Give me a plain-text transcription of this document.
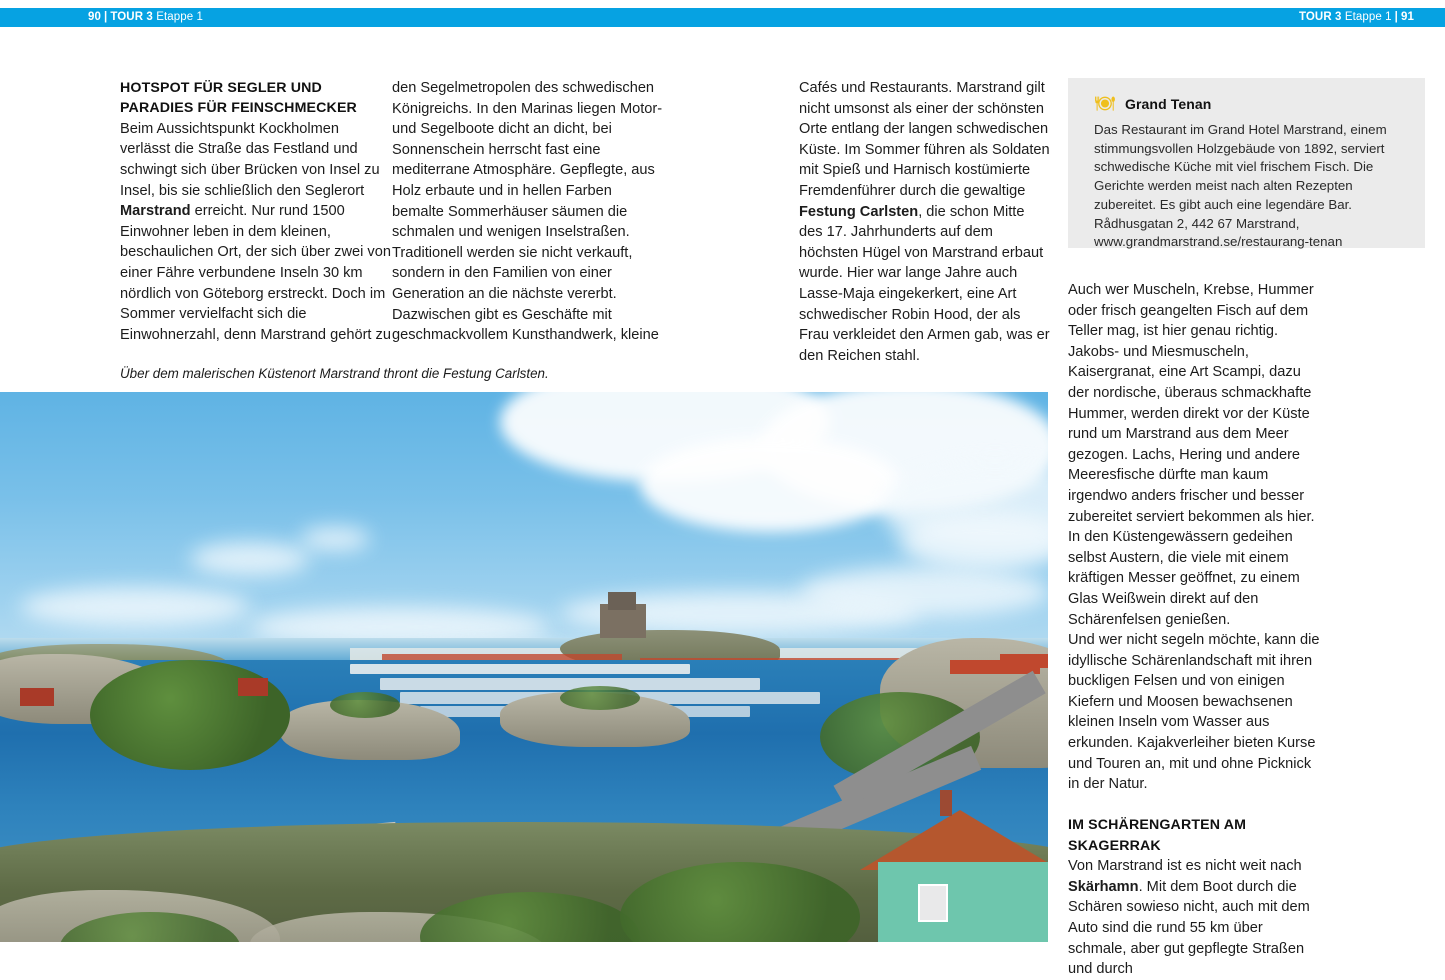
90 | TOUR 3 Etappe 1	TOUR 3 Etappe 1 | 91

HOTSPOT FÜR SEGLER UND PARADIES FÜR FEINSCHMECKER

Beim Aussichtspunkt Kockholmen verlässt die Straße das Festland und schwingt sich über Brücken von Insel zu Insel, bis sie schließlich den Seglerort Marstrand erreicht. Nur rund 1500 Einwohner leben in dem kleinen, beschaulichen Ort, der sich über zwei von einer Fähre verbundene Inseln 30 km nördlich von Göteborg erstreckt. Doch im Sommer vervielfacht sich die Einwohnerzahl, denn Marstrand gehört zu

den Segelmetropolen des schwedischen Königreichs. In den Marinas liegen Motor- und Segelboote dicht an dicht, bei Sonnenschein herrscht fast eine mediterrane Atmosphäre. Gepflegte, aus Holz erbaute und in hellen Farben bemalte Sommerhäuser säumen die schmalen und wenigen Inselstraßen. Traditionell werden sie nicht verkauft, sondern in den Familien von einer Generation an die nächste vererbt. Dazwischen gibt es Geschäfte mit geschmackvollem Kunsthandwerk, kleine

Cafés und Restaurants. Marstrand gilt nicht umsonst als einer der schönsten Orte entlang der langen schwedischen Küste. Im Sommer führen als Soldaten mit Spieß und Harnisch kostümierte Fremdenführer durch die gewaltige Festung Carlsten, die schon Mitte des 17. Jahrhunderts auf dem höchsten Hügel von Marstrand erbaut wurde. Hier war lange Jahre auch Lasse-Maja eingekerkert, eine Art schwedischer Robin Hood, der als Frau verkleidet den Armen gab, was er den Reichen stahl.

Grand Tenan

Das Restaurant im Grand Hotel Marstrand, einem stimmungsvollen Holzgebäude von 1892, serviert schwedische Küche mit viel frischem Fisch. Die Gerichte werden meist nach alten Rezepten zubereitet. Es gibt auch eine legendäre Bar.

Rådhusgatan 2, 442 67 Marstrand,

www.grandmarstrand.se/restaurang-tenan

Auch wer Muscheln, Krebse, Hummer oder frisch geangelten Fisch auf dem Teller mag, ist hier genau richtig. Jakobs- und Miesmuscheln, Kaisergranat, eine Art Scampi, dazu der nordische, überaus schmackhafte Hummer, werden direkt vor der Küste rund um Marstrand aus dem Meer gezogen. Lachs, Hering und andere Meeresfische dürfte man kaum irgendwo anders frischer und besser zubereitet serviert bekommen als hier. In den Küstengewässern gedeihen selbst Austern, die viele mit einem kräftigen Messer geöffnet, zu einem Glas Weißwein direkt auf den Schärenfelsen genießen.

Und wer nicht segeln möchte, kann die idyllische Schärenlandschaft mit ihren buckligen Felsen und von einigen Kiefern und Moosen bewachsenen kleinen Inseln vom Wasser aus erkunden. Kajakverleiher bieten Kurse und Touren an, mit und ohne Picknick in der Natur.

IM SCHÄRENGARTEN AM SKAGERRAK

Von Marstrand ist es nicht weit nach Skärhamn. Mit dem Boot durch die Schären sowieso nicht, auch mit dem Auto sind die rund 55 km über schmale, aber gut gepflegte Straßen und durch

Über dem malerischen Küstenort Marstrand thront die Festung Carlsten.
